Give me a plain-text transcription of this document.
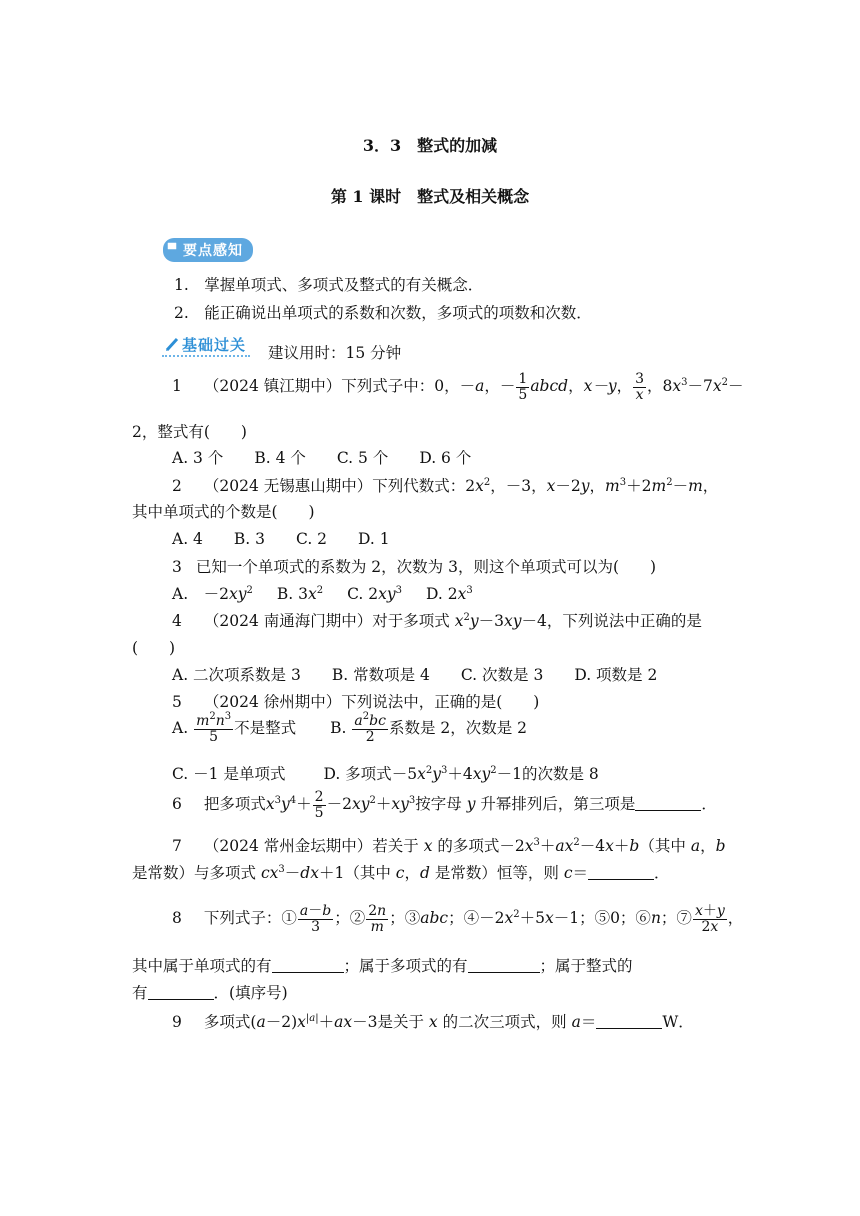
3．3　整式的加减
第 1 课时　整式及相关概念
要点感知
1.　掌握单项式、多项式及整式的有关概念．
2.　能正确说出单项式的系数和次数，多项式的项数和次数．
基础过关 建议用时：15 分钟
1 （2024 镇江期中）下列式子中：0，－a，－ $\frac{1}{5}$ abcd，x－y， $\frac{3}{x}$ ，$8x^3-7x^2-$
2，整式有(　　)
A. 3 个　　B. 4 个　　C. 5 个　　D. 6 个
2 （2024 无锡惠山期中）下列代数式：$2x^2$，－3，x－2y，$m^3+2m^2-m$，
其中单项式的个数是(　　)
A. 4　　B. 3　　C. 2　　D. 1
3 已知一个单项式的系数为 2，次数为 3，则这个单项式可以为(　　)
A.　$-2xy^2$ B. $3x^2$ C. $2xy^3$ D. $2x^3$
4 （2024 南通海门期中）对于多项式 $x^2y-3xy-4$，下列说法中正确的是
(　　)
A. 二次项系数是 3　　B. 常数项是 4　　C. 次数是 3　　D. 项数是 2
5 （2024 徐州期中）下列说法中，正确的是(　　)
A. $\frac{m^2n^3}{5}$ 不是整式 B. $\frac{a^2bc}{2}$ 系数是 2，次数是 2
C. －1 是单项式 D. 多项式$-5x^2y^3+4xy^2-1$的次数是 8
6 把多项式$x^3y^4+ \frac{2}{5} -2xy^2+xy^3$按字母 y 升幂排列后，第三项是	．
7 （2024 常州金坛期中）若关于 x 的多项式$-2x^3+ax^2-4x+b$（其中 a，b
是常数）与多项式 $cx^3-dx+1$（其中 c，d 是常数）恒等，则 c＝	．
8 下列式子：① $\frac{a-b}{3}$ ；② $\frac{2n}{m}$ ；③abc；$④-2x^2+5x-1$；⑤0；⑥n；⑦ $\frac{x+y}{2x}$ ，
其中属于单项式的有	；属于多项式的有	；属于整式的
有	．(填序号)
9 多项式$(a-2)x^{|a|}+ax-3$是关于 x 的二次三项式，则 a＝	W．
